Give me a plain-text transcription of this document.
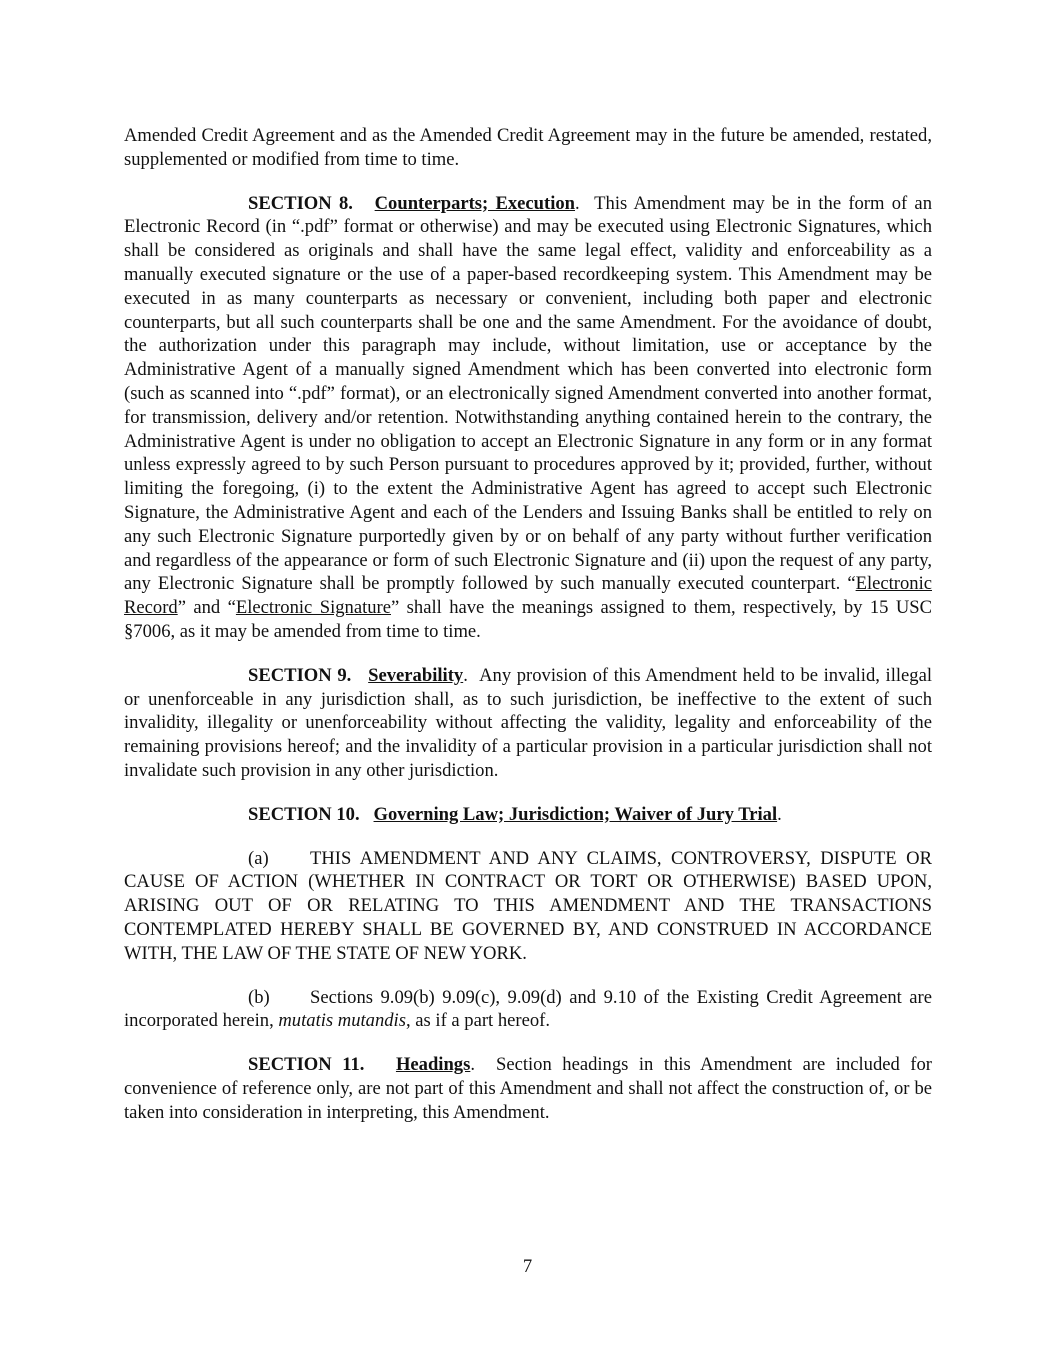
Amended Credit Agreement and as the Amended Credit Agreement may in the future be amended, restated, supplemented or modified from time to time.

SECTION 8. Counterparts; Execution.  This Amendment may be in the form of an Electronic Record (in “.pdf” format or otherwise) and may be executed using Electronic Signatures, which shall be considered as originals and shall have the same legal effect, validity and enforceability as a manually executed signature or the use of a paper-based recordkeeping system. This Amendment may be executed in as many counterparts as necessary or convenient, including both paper and electronic counterparts, but all such counterparts shall be one and the same Amendment. For the avoidance of doubt, the authorization under this paragraph may include, without limitation, use or acceptance by the Administrative Agent of a manually signed Amendment which has been converted into electronic form (such as scanned into “.pdf” format), or an electronically signed Amendment converted into another format, for transmission, delivery and/or retention. Notwithstanding anything contained herein to the contrary, the Administrative Agent is under no obligation to accept an Electronic Signature in any form or in any format unless expressly agreed to by such Person pursuant to procedures approved by it; provided, further, without limiting the foregoing, (i) to the extent the Administrative Agent has agreed to accept such Electronic Signature, the Administrative Agent and each of the Lenders and Issuing Banks shall be entitled to rely on any such Electronic Signature purportedly given by or on behalf of any party without further verification and regardless of the appearance or form of such Electronic Signature and (ii) upon the request of any party, any Electronic Signature shall be promptly followed by such manually executed counterpart. “Electronic Record” and “Electronic Signature” shall have the meanings assigned to them, respectively, by 15 USC §7006, as it may be amended from time to time.

SECTION 9. Severability.  Any provision of this Amendment held to be invalid, illegal or unenforceable in any jurisdiction shall, as to such jurisdiction, be ineffective to the extent of such invalidity, illegality or unenforceability without affecting the validity, legality and enforceability of the remaining provisions hereof; and the invalidity of a particular provision in a particular jurisdiction shall not invalidate such provision in any other jurisdiction.

SECTION 10. Governing Law; Jurisdiction; Waiver of Jury Trial.

(a) THIS AMENDMENT AND ANY CLAIMS, CONTROVERSY, DISPUTE OR CAUSE OF ACTION (WHETHER IN CONTRACT OR TORT OR OTHERWISE) BASED UPON, ARISING OUT OF OR RELATING TO THIS AMENDMENT AND THE TRANSACTIONS CONTEMPLATED HEREBY SHALL BE GOVERNED BY, AND CONSTRUED IN ACCORDANCE WITH, THE LAW OF THE STATE OF NEW YORK.

(b) Sections 9.09(b) 9.09(c), 9.09(d) and 9.10 of the Existing Credit Agreement are incorporated herein, mutatis mutandis, as if a part hereof.

SECTION 11. Headings.  Section headings in this Amendment are included for convenience of reference only, are not part of this Amendment and shall not affect the construction of, or be taken into consideration in interpreting, this Amendment.

7
